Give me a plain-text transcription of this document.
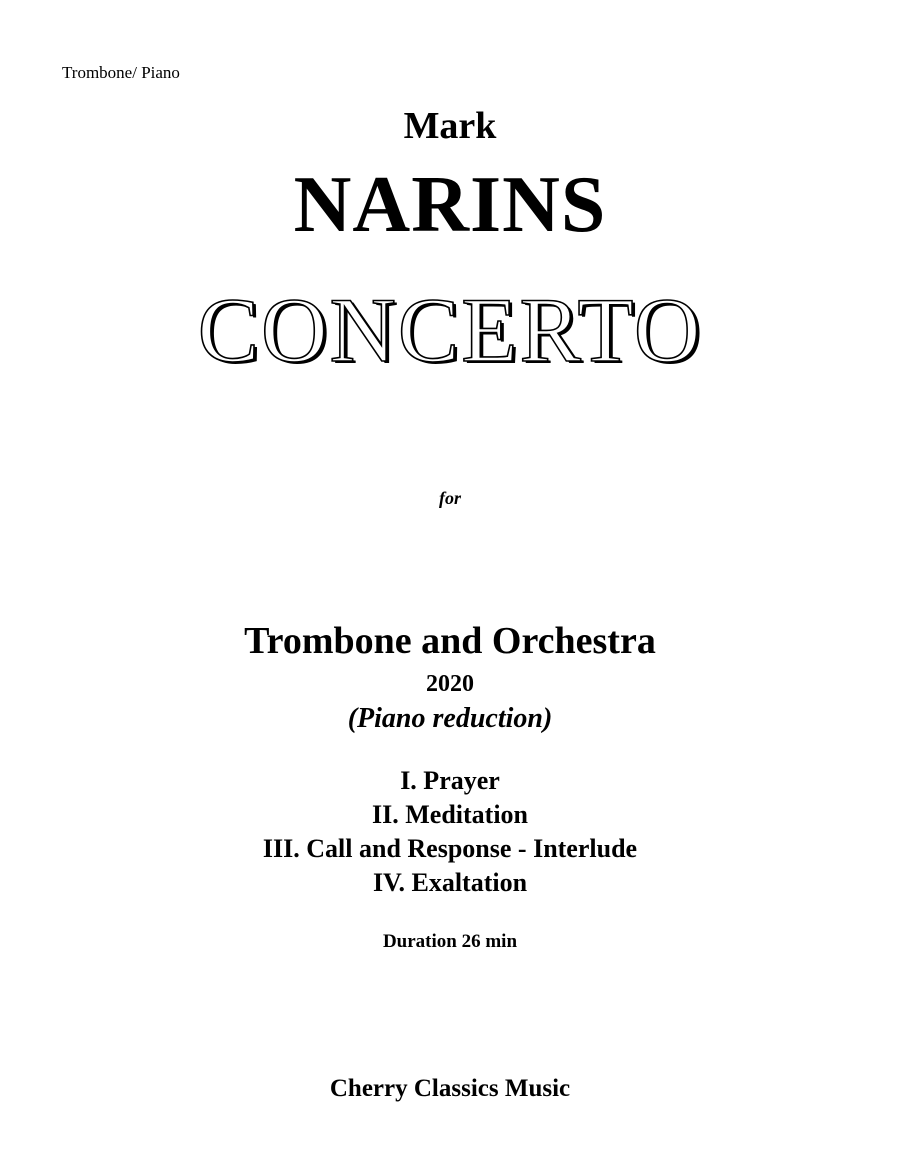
Trombone/ Piano
Mark
NARINS
CONCERTO
for
Trombone and Orchestra
2020
(Piano reduction)
I. Prayer
II. Meditation
III. Call and Response - Interlude
IV. Exaltation
Duration 26 min
Cherry Classics Music
